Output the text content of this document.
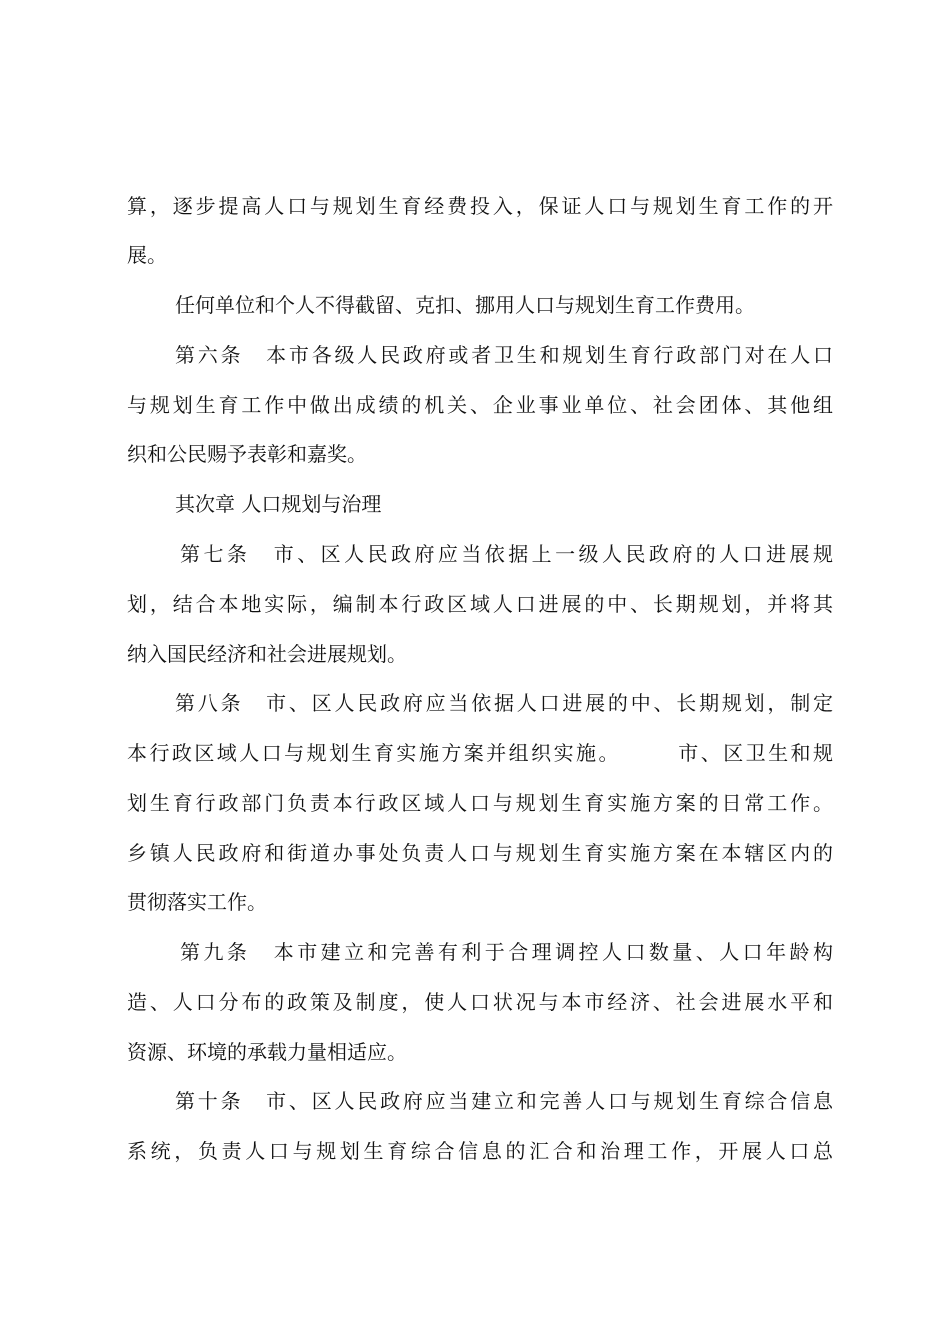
算，逐步提高人口与规划生育经费投入，保证人口与规划生育工作的开
展。
任何单位和个人不得截留、克扣、挪用人口与规划生育工作费用。
第六条　本市各级人民政府或者卫生和规划生育行政部门对在人口
与规划生育工作中做出成绩的机关、企业事业单位、社会团体、其他组
织和公民赐予表彰和嘉奖。
其次章 人口规划与治理
第七条　市、区人民政府应当依据上一级人民政府的人口进展规
划，结合本地实际，编制本行政区域人口进展的中、长期规划，并将其
纳入国民经济和社会进展规划。
第八条　市、区人民政府应当依据人口进展的中、长期规划，制定
本行政区域人口与规划生育实施方案并组织实施。　　　市、区卫生和规
划生育行政部门负责本行政区域人口与规划生育实施方案的日常工作。
乡镇人民政府和街道办事处负责人口与规划生育实施方案在本辖区内的
贯彻落实工作。
第九条　本市建立和完善有利于合理调控人口数量、人口年龄构
造、人口分布的政策及制度，使人口状况与本市经济、社会进展水平和
资源、环境的承载力量相适应。
第十条　市、区人民政府应当建立和完善人口与规划生育综合信息
系统，负责人口与规划生育综合信息的汇合和治理工作，开展人口总
